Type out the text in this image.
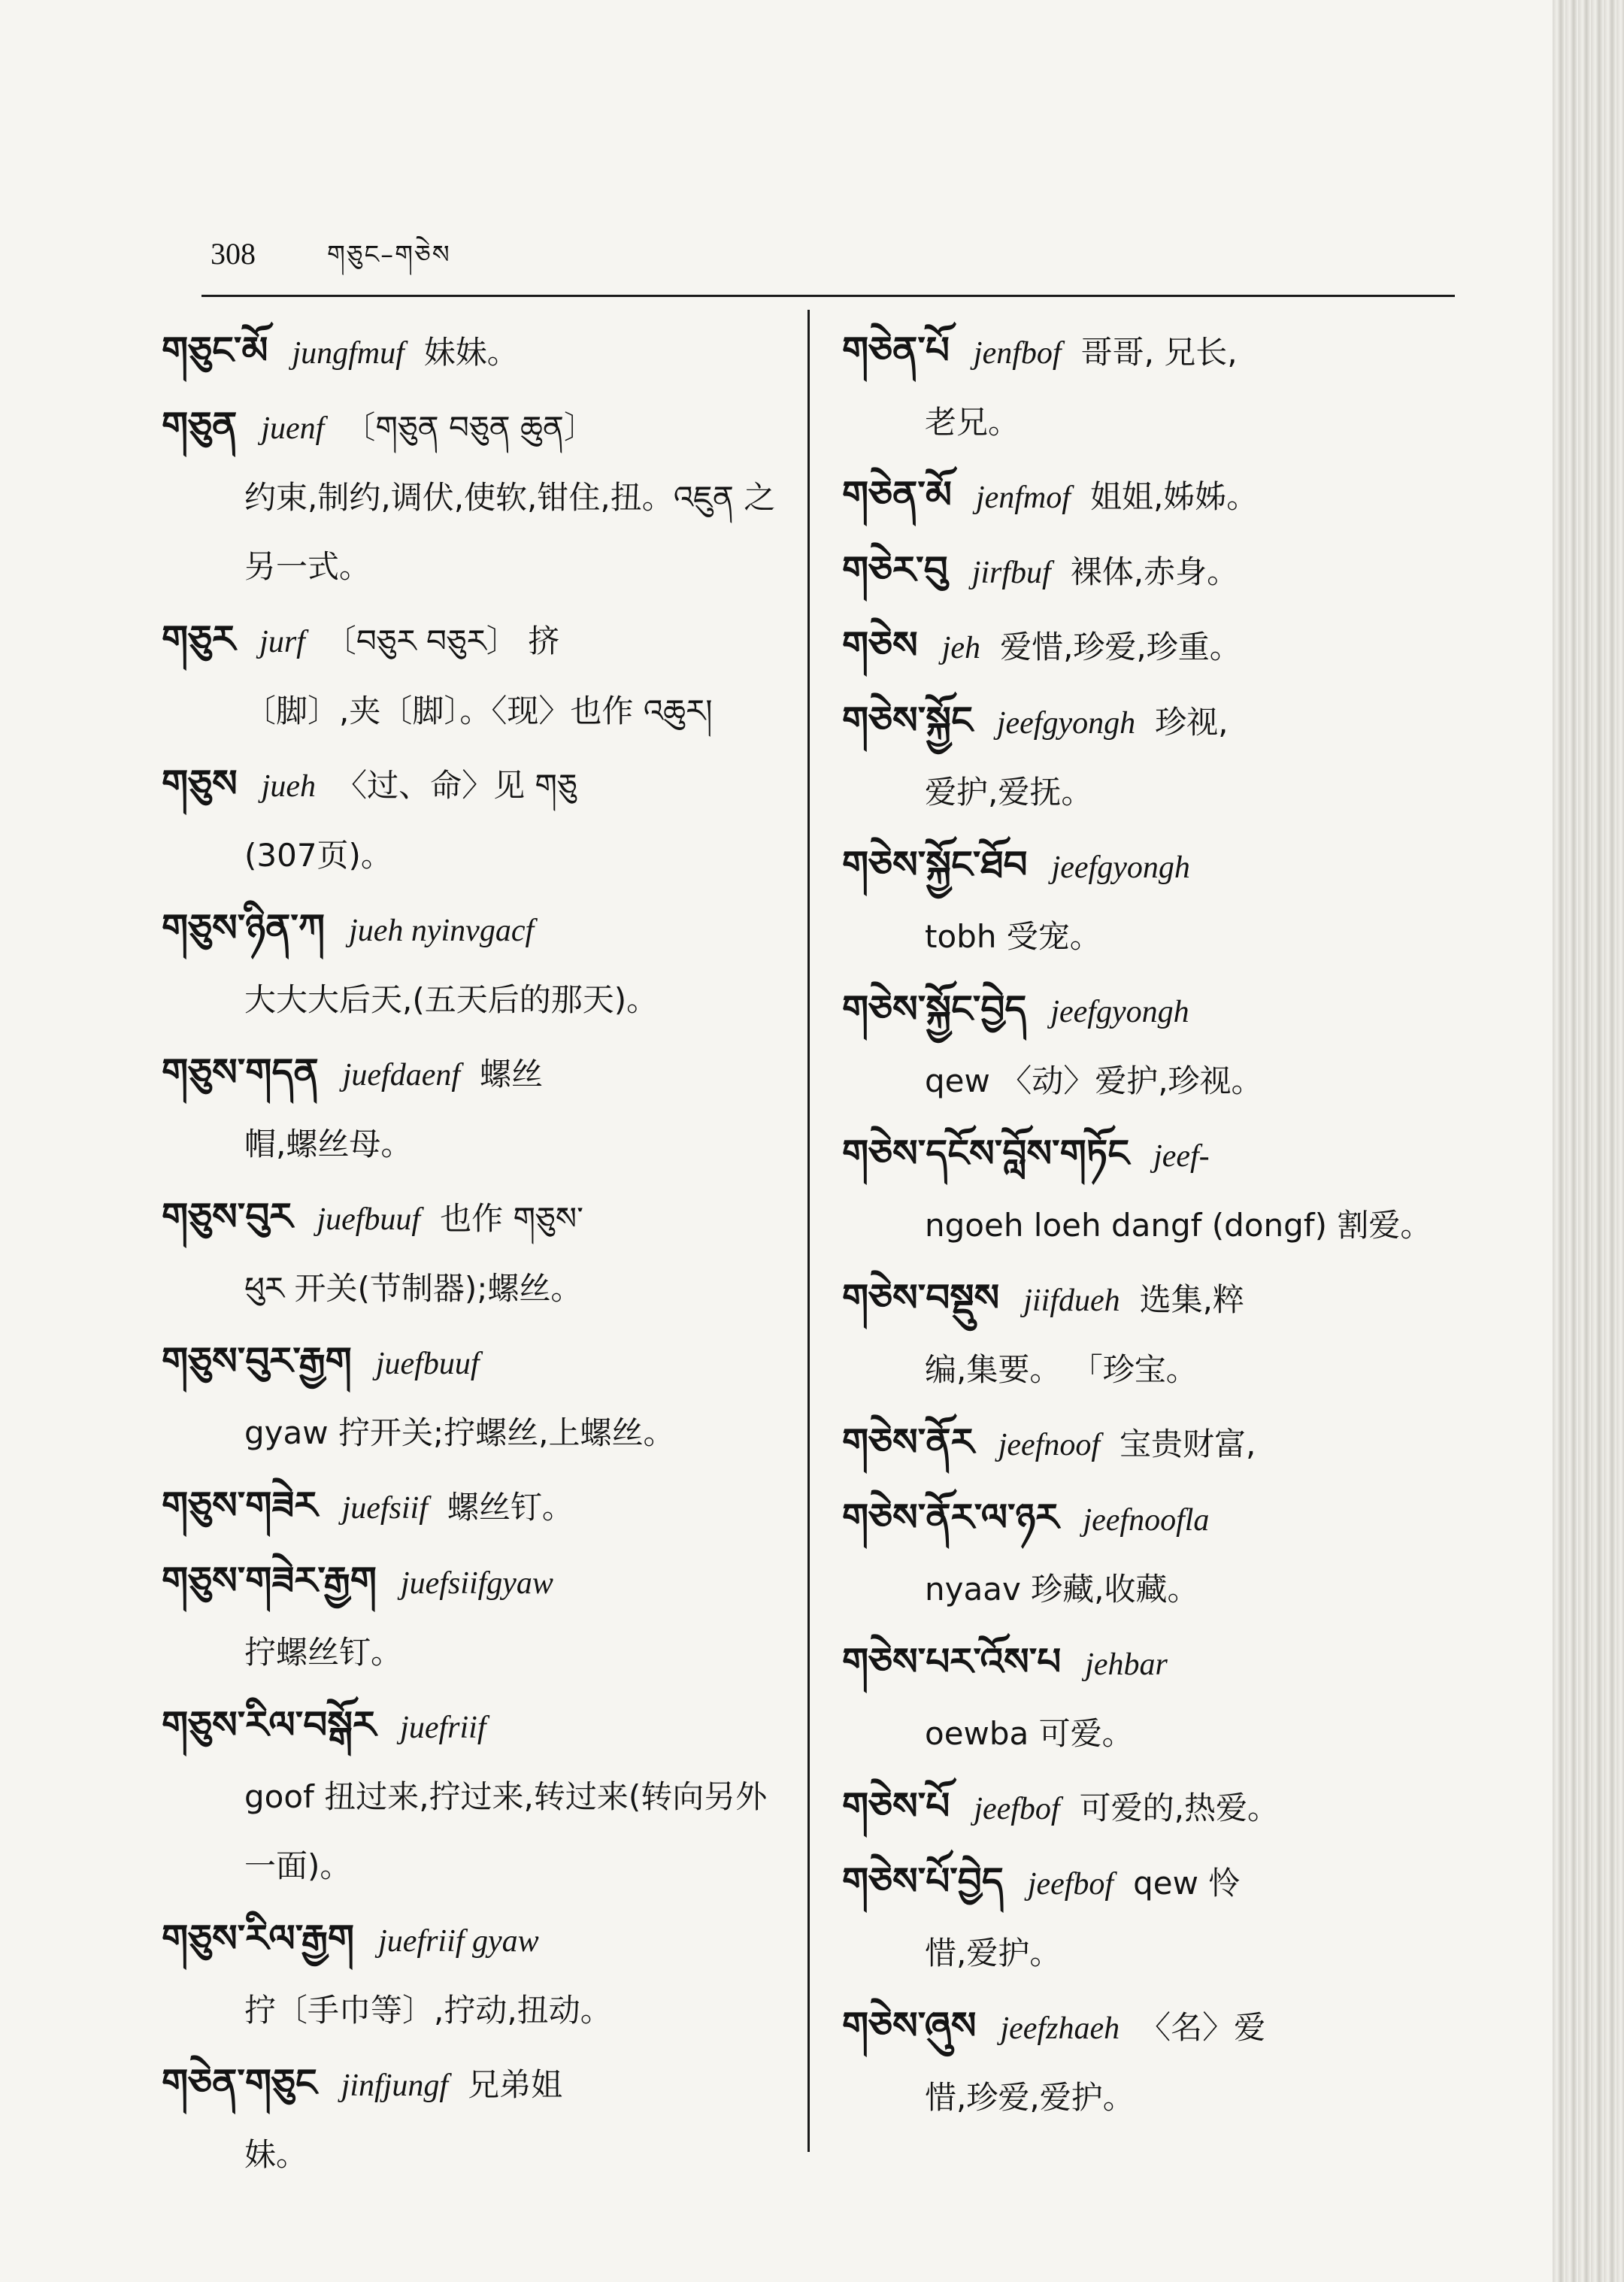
308	གཅུང–གཅེས
གཅུང་མོ jungfmuf 妹妹。
གཅུན juenf 〔གཅུན བཅུན ཆུན〕
约束,制约,调伏,使软,钳住,扭。འཇུན 之另一式。
གཅུར jurf 〔བཅུར བཅུར〕 挤
〔脚〕,夹〔脚〕。〈现〉也作 འཆུར།
གཅུས jueh 〈过、命〉见 གཅུ
(307页)。
གཅུས་ཉིན་ཀ jueh nyinvgacf
大大大后天,(五天后的那天)。
གཅུས་གདན juefdaenf 螺丝
帽,螺丝母。
གཅུས་བུར juefbuuf 也作 གཅུས་
ཕུར 开关(节制器);螺丝。
གཅུས་བུར་རྒྱག juefbuuf
gyaw 拧开关;拧螺丝,上螺丝。
གཅུས་གཟེར juefsiif 螺丝钉。
གཅུས་གཟེར་རྒྱག juefsiifgyaw
拧螺丝钉。
གཅུས་རིལ་བསྒོར juefriif
goof 扭过来,拧过来,转过来(转向另外一面)。
གཅུས་རིལ་རྒྱག juefriif gyaw
拧〔手巾等〕,拧动,扭动。
གཅེན་གཅུང jinfjungf 兄弟姐
妹。
གཅེན་པོ jenfbof 哥哥, 兄长,
老兄。
གཅེན་མོ jenfmof 姐姐,姊姊。
གཅེར་བུ jirfbuf 裸体,赤身。
གཅེས jeh 爱惜,珍爱,珍重。
གཅེས་སྐྱོང jeefgyongh 珍视,
爱护,爱抚。
གཅེས་སྐྱོང་ཐོབ jeefgyongh
tobh 受宠。
གཅེས་སྐྱོང་བྱེད jeefgyongh
qew 〈动〉爱护,珍视。
གཅེས་དངོས་བློས་གཏོང jeef-
ngoeh loeh dangf (dongf) 割爱。
གཅེས་བསྡུས jiifdueh 选集,粹
编,集要。 「珍宝。
གཅེས་ནོར jeefnoof 宝贵财富,
གཅེས་ནོར་ལ་ཉར jeefnoofla
nyaav 珍藏,收藏。
གཅེས་པར་འོས་པ jehbar
oewba 可爱。
གཅེས་པོ jeefbof 可爱的,热爱。
གཅེས་པོ་བྱེད jeefbof qew 怜
惜,爱护。
གཅེས་ཞུས jeefzhaeh 〈名〉爱
惜,珍爱,爱护。
